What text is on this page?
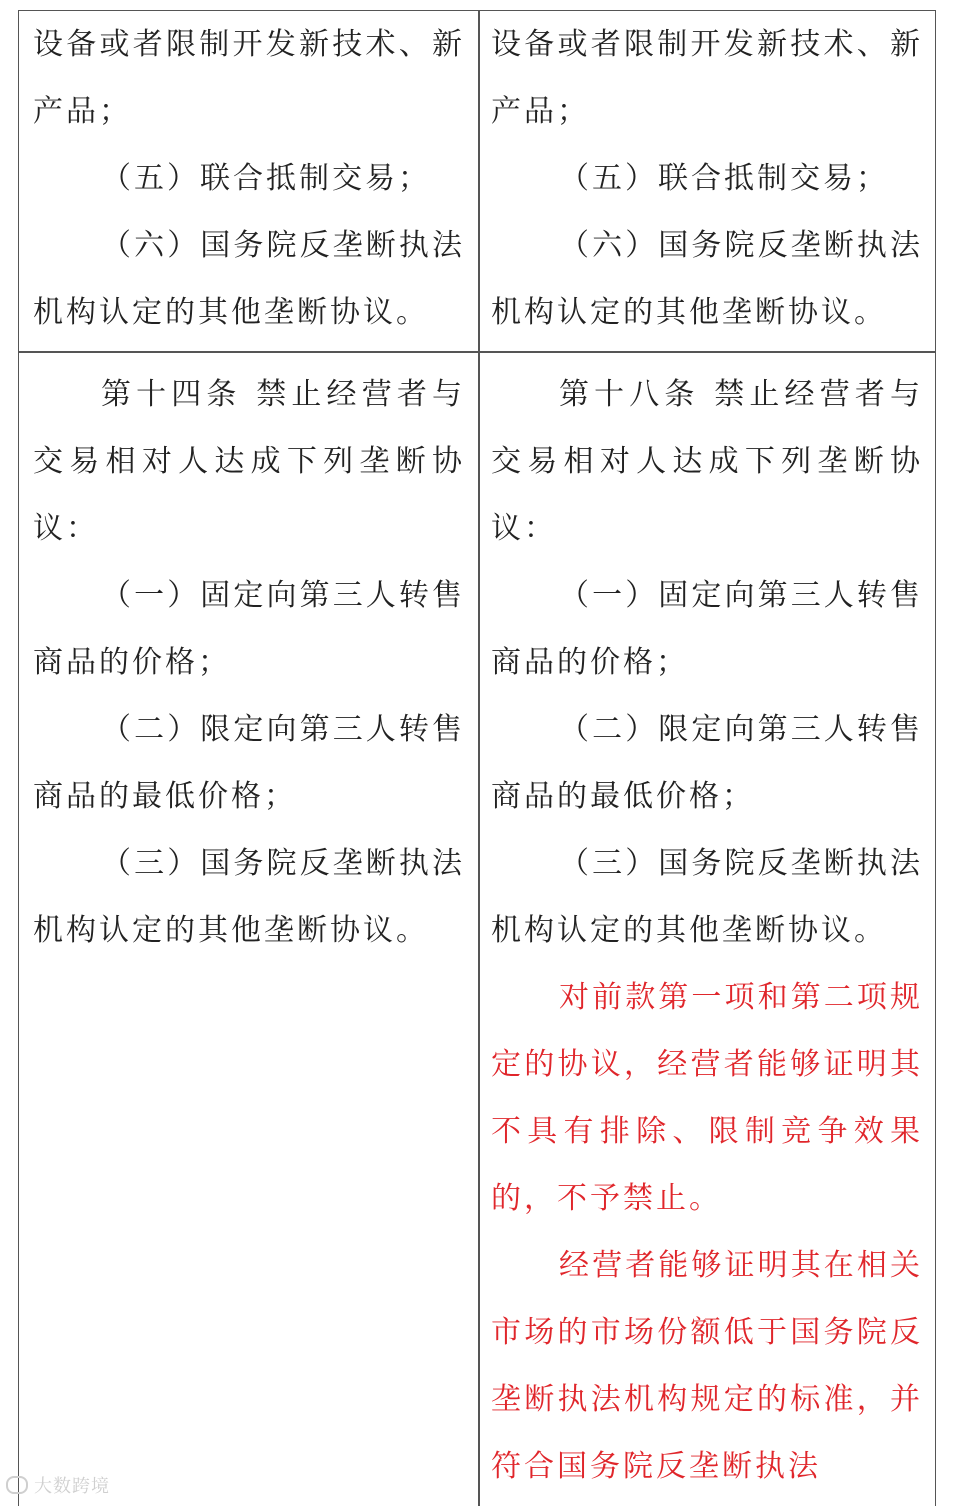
设备或者限制开发新技术、新产品；

（五）联合抵制交易；

（六）国务院反垄断执法机构认定的其他垄断协议。

设备或者限制开发新技术、新产品；

（五）联合抵制交易；

（六）国务院反垄断执法机构认定的其他垄断协议。

第十四条 禁止经营者与交易相对人达成下列垄断协议：

（一）固定向第三人转售商品的价格；

（二）限定向第三人转售商品的最低价格；

（三）国务院反垄断执法机构认定的其他垄断协议。

第十八条 禁止经营者与交易相对人达成下列垄断协议：

（一）固定向第三人转售商品的价格；

（二）限定向第三人转售商品的最低价格；

（三）国务院反垄断执法机构认定的其他垄断协议。

对前款第一项和第二项规定的协议，经营者能够证明其不具有排除、限制竞争效果的，不予禁止。

经营者能够证明其在相关市场的市场份额低于国务院反垄断执法机构规定的标准，并符合国务院反垄断执法

大数跨境
